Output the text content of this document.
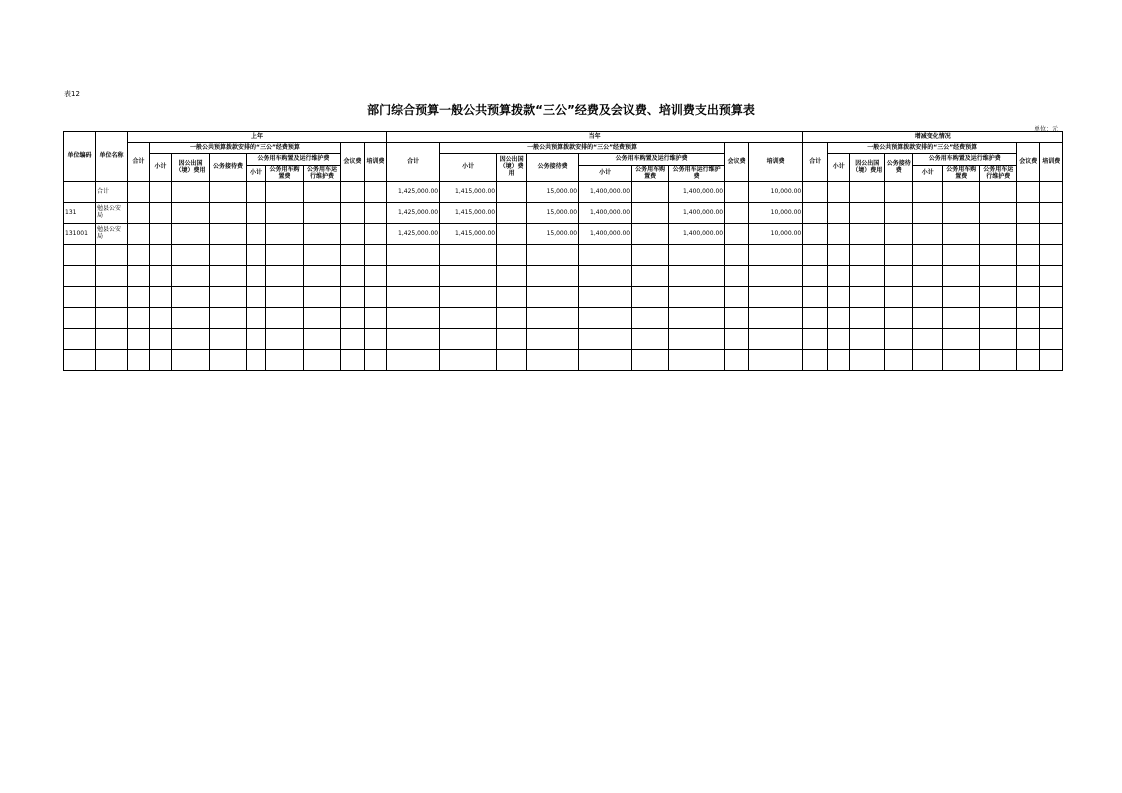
表12
部门综合预算一般公共预算拨款“三公”经费及会议费、培训费支出预算表
单位：元
单位编码	单位名称	上年									当年									增减变化情况								
		合计	一般公共预算拨款安排的“三公”经费预算						会议费	培训费	合计	一般公共预算拨款安排的“三公”经费预算						会议费	培训费	合计	一般公共预算拨款安排的“三公”经费预算						会议费	培训费
			小计	因公出国（境）费用	公务接待费	公务用车购置及运行维护费						小计	因公出国（境）费用	公务接待费	公务用车购置及运行维护费						小计	因公出国（境）费用	公务接待费	公务用车购置及运行维护费				
						小计	公务用车购置费	公务用车运行维护费							小计	公务用车购置费	公务用车运行维护费							小计	公务用车购置费	公务用车运行维护费		
	合计										1,425,000.00	1,415,000.00		15,000.00	1,400,000.00		1,400,000.00		10,000.00									
131	勉县公安局										1,425,000.00	1,415,000.00		15,000.00	1,400,000.00		1,400,000.00		10,000.00									
131001	勉县公安局										1,425,000.00	1,415,000.00		15,000.00	1,400,000.00		1,400,000.00		10,000.00									
